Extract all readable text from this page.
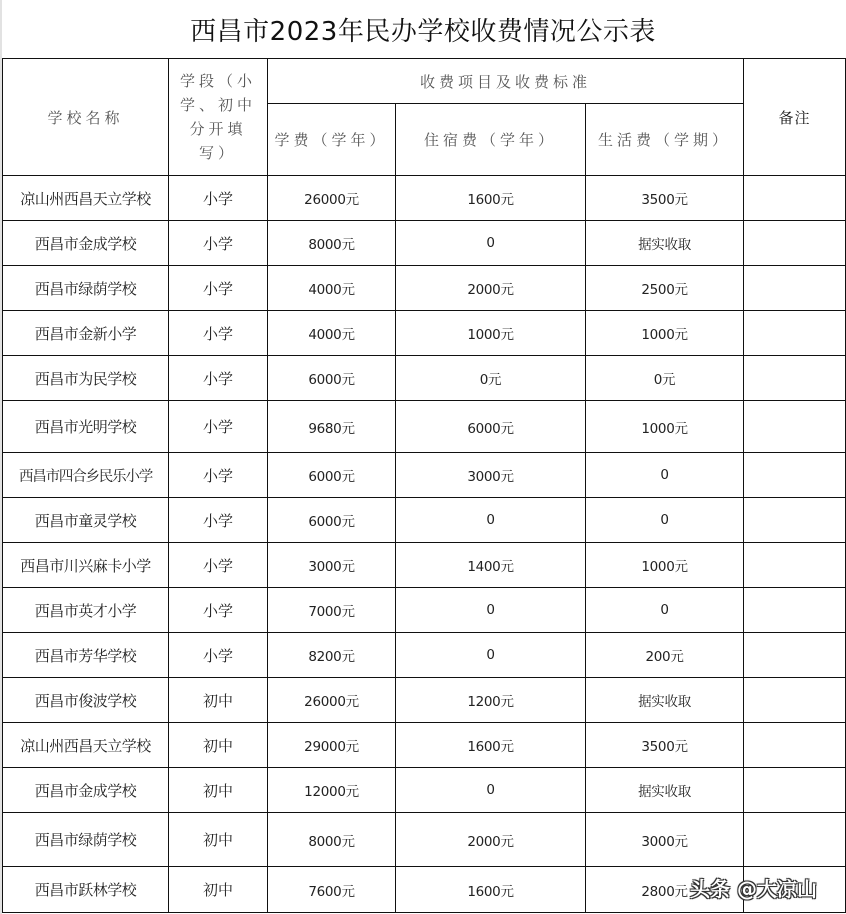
西昌市2023年民办学校收费情况公示表
学校名称	学段（小学、初中分开填写）	收费项目及收费标准			备注
		学费（学年）	住宿费（学年）	生活费（学期）	
凉山州西昌天立学校	小学	26000元	1600元	3500元	
西昌市金成学校	小学	8000元	0	据实收取	
西昌市绿荫学校	小学	4000元	2000元	2500元	
西昌市金新小学	小学	4000元	1000元	1000元	
西昌市为民学校	小学	6000元	0元	0元	
西昌市光明学校	小学	9680元	6000元	1000元	
西昌市四合乡民乐小学	小学	6000元	3000元	0	
西昌市童灵学校	小学	6000元	0	0	
西昌市川兴麻卡小学	小学	3000元	1400元	1000元	
西昌市英才小学	小学	7000元	0	0	
西昌市芳华学校	小学	8200元	0	200元	
西昌市俊波学校	初中	26000元	1200元	据实收取	
凉山州西昌天立学校	初中	29000元	1600元	3500元	
西昌市金成学校	初中	12000元	0	据实收取	
西昌市绿荫学校	初中	8000元	2000元	3000元	
西昌市跃林学校	初中	7600元	1600元	2800元	头条 @大凉山
